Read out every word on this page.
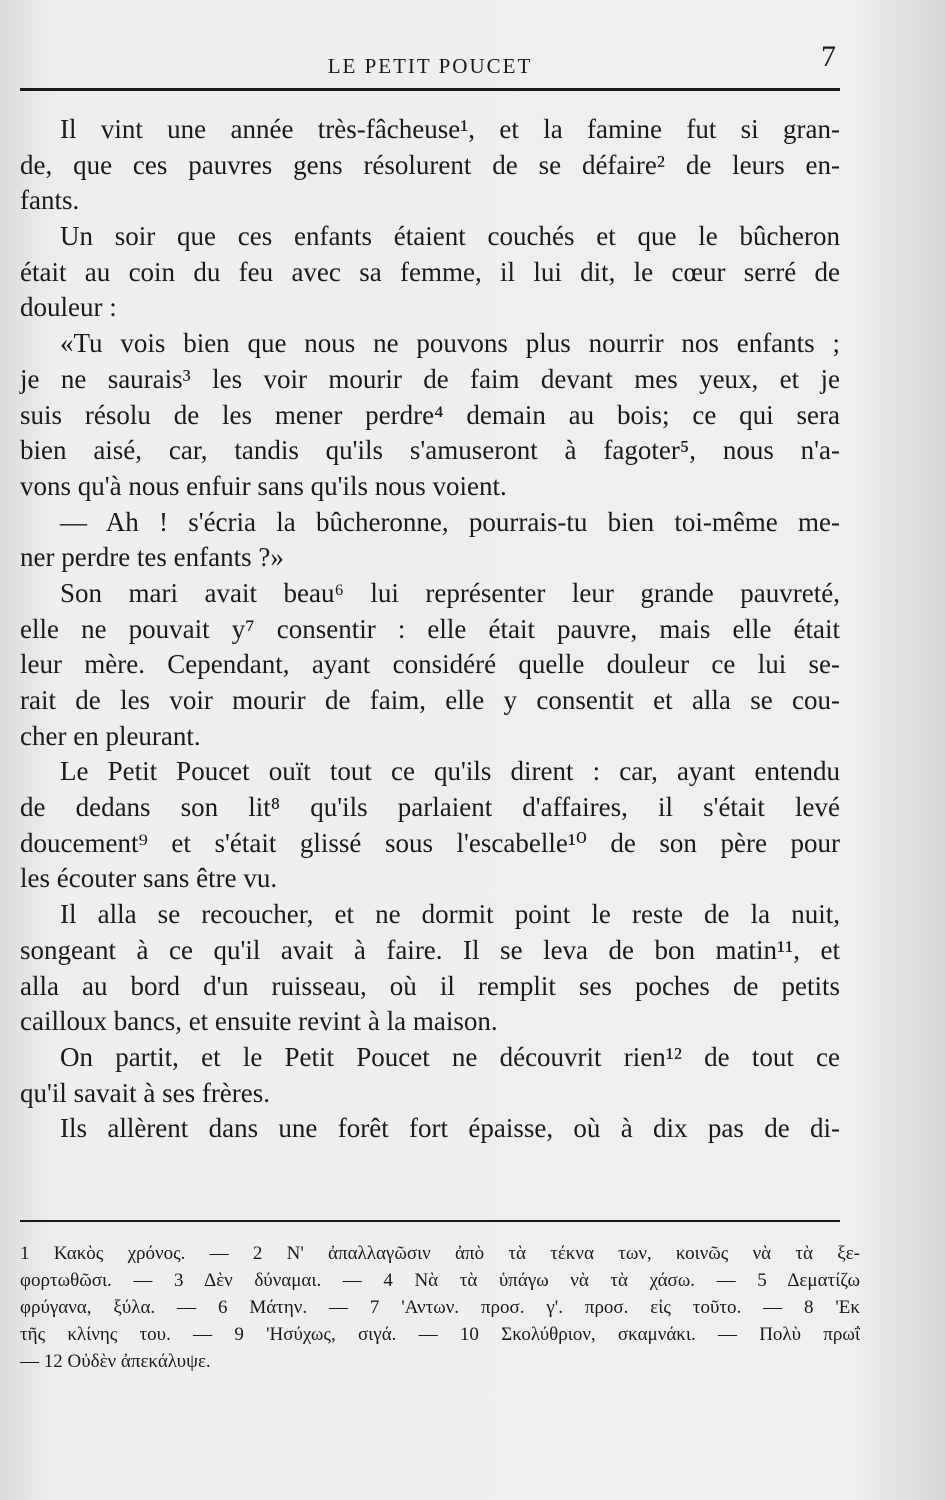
LE PETIT POUCET	7
Il vint une année très-fâcheuse¹, et la famine fut si gran-
de, que ces pauvres gens résolurent de se défaire² de leurs en-
fants.
Un soir que ces enfants étaient couchés et que le bûcheron
était au coin du feu avec sa femme, il lui dit, le cœur serré de
douleur :
«Tu vois bien que nous ne pouvons plus nourrir nos enfants ;
je ne saurais³ les voir mourir de faim devant mes yeux, et je
suis résolu de les mener perdre⁴ demain au bois; ce qui sera
bien aisé, car, tandis qu'ils s'amuseront à fagoter⁵, nous n'a-
vons qu'à nous enfuir sans qu'ils nous voient.
— Ah ! s'écria la bûcheronne, pourrais-tu bien toi-même me-
ner perdre tes enfants ?»
Son mari avait beau⁶ lui représenter leur grande pauvreté,
elle ne pouvait y⁷ consentir : elle était pauvre, mais elle était
leur mère. Cependant, ayant considéré quelle douleur ce lui se-
rait de les voir mourir de faim, elle y consentit et alla se cou-
cher en pleurant.
Le Petit Poucet ouït tout ce qu'ils dirent : car, ayant entendu
de dedans son lit⁸ qu'ils parlaient d'affaires, il s'était levé
doucement⁹ et s'était glissé sous l'escabelle¹⁰ de son père pour
les écouter sans être vu.
Il alla se recoucher, et ne dormit point le reste de la nuit,
songeant à ce qu'il avait à faire. Il se leva de bon matin¹¹, et
alla au bord d'un ruisseau, où il remplit ses poches de petits
cailloux bancs, et ensuite revint à la maison.
On partit, et le Petit Poucet ne découvrit rien¹² de tout ce
qu'il savait à ses frères.
Ils allèrent dans une forêt fort épaisse, où à dix pas de di-
1 Κακὸς χρόνος. — 2 Ν' ἀπαλλαγῶσιν ἀπὸ τὰ τέκνα των, κοινῶς νὰ τὰ ξε-
φορτωθῶσι. — 3 Δὲν δύναμαι. — 4 Νὰ τὰ ὑπάγω νὰ τὰ χάσω. — 5 Δεματίζω
φρύγανα, ξύλα. — 6 Μάτην. — 7 'Αντων. προσ. γ'. προσ. εἰς τοῦτο. — 8 'Εκ
τῆς κλίνης του. — 9 'Ησύχως, σιγά. — 10 Σκολύθριον, σκαμνάκι. — Πολὺ πρωΐ
— 12 Οὐδὲν ἀπεκάλυψε.
